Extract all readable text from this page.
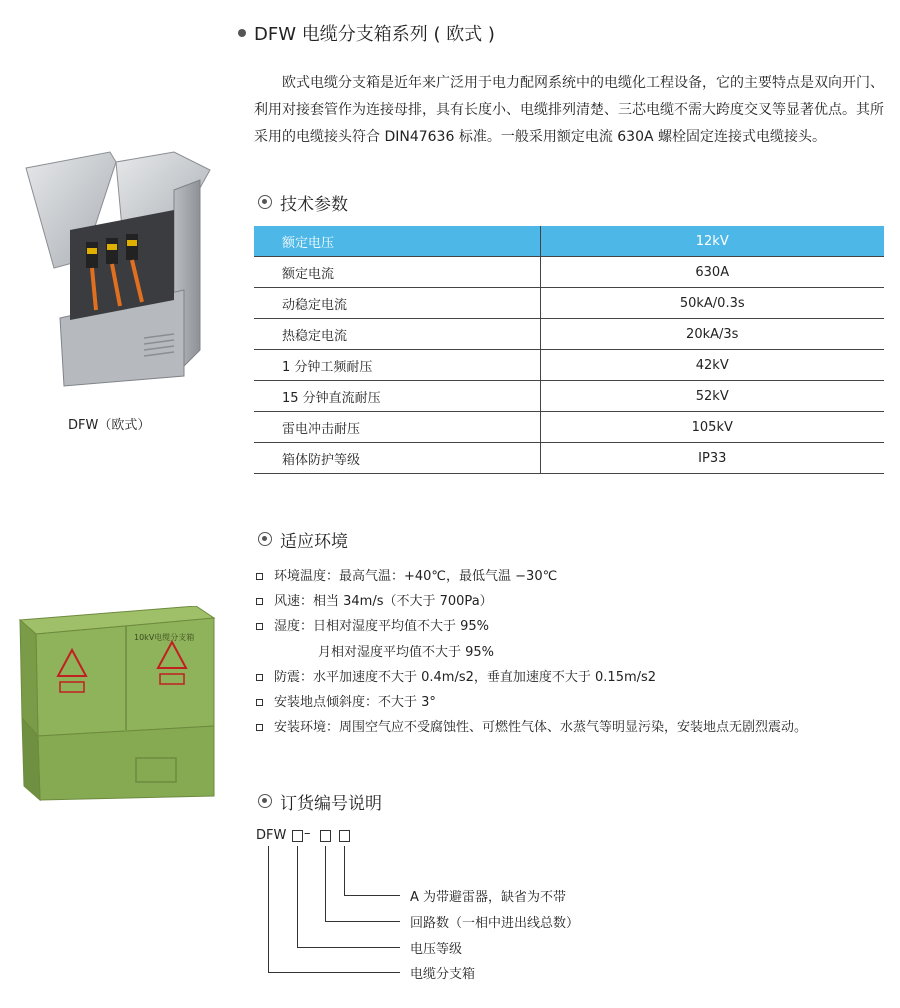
DFW 电缆分支箱系列 ( 欧式 )
欧式电缆分支箱是近年来广泛用于电力配网系统中的电缆化工程设备，它的主要特点是双向开门、利用对接套管作为连接母排，具有长度小、电缆排列清楚、三芯电缆不需大跨度交叉等显著优点。其所采用的电缆接头符合 DIN47636 标准。一般采用额定电流 630A 螺栓固定连接式电缆接头。
DFW（欧式）
技术参数
额定电压	12kV
额定电流	630A
动稳定电流	50kA/0.3s
热稳定电流	20kA/3s
1 分钟工频耐压	42kV
15 分钟直流耐压	52kV
雷电冲击耐压	105kV
箱体防护等级	IP33
10kV电缆分支箱
适应环境
环境温度：最高气温：+40℃，最低气温 −30℃
风速：相当 34m/s（不大于 700Pa）
湿度：日相对湿度平均值不大于 95%
月相对湿度平均值不大于 95%
防震：水平加速度不大于 0.4m/s2，垂直加速度不大于 0.15m/s2
安装地点倾斜度：不大于 3°
安装环境：周围空气应不受腐蚀性、可燃性气体、水蒸气等明显污染，安装地点无剧烈震动。
订货编号说明
DFW –
A 为带避雷器，缺省为不带
回路数（一相中进出线总数）
电压等级
电缆分支箱
